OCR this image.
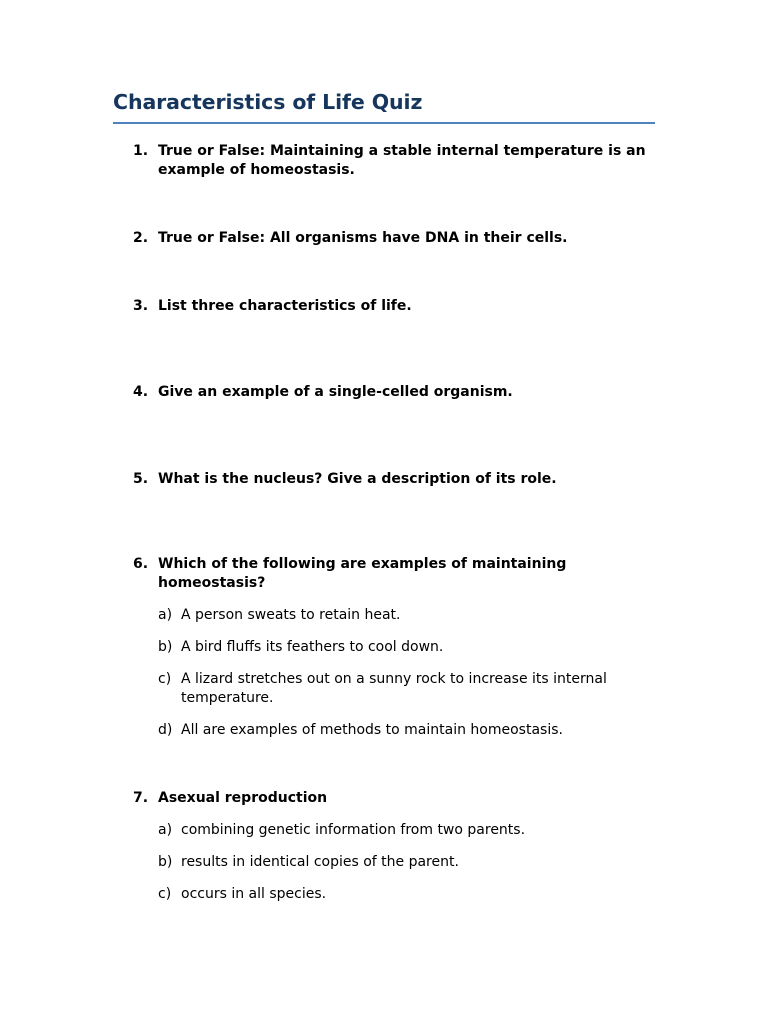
Characteristics of Life Quiz
1. True or False: Maintaining a stable internal temperature is an example of homeostasis.
2. True or False: All organisms have DNA in their cells.
3. List three characteristics of life.
4. Give an example of a single-celled organism.
5. What is the nucleus? Give a description of its role.
6. Which of the following are examples of maintaining homeostasis?
a) A person sweats to retain heat.
b) A bird fluffs its feathers to cool down.
c) A lizard stretches out on a sunny rock to increase its internal temperature.
d) All are examples of methods to maintain homeostasis.
7. Asexual reproduction
a) combining genetic information from two parents.
b) results in identical copies of the parent.
c) occurs in all species.
